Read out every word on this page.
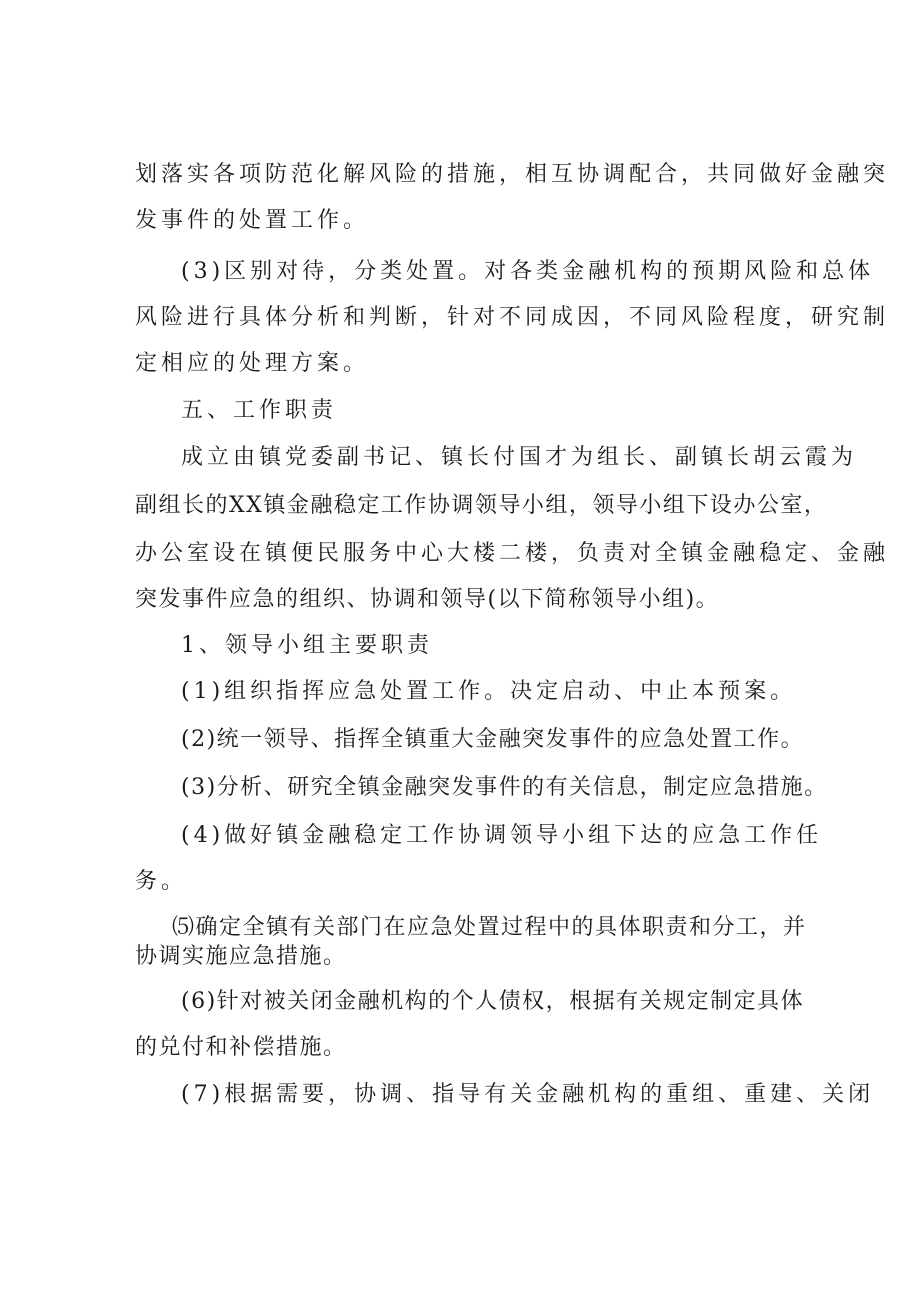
划落实各项防范化解风险的措施，相互协调配合，共同做好金融突
发事件的处置工作。
(3)区别对待，分类处置。对各类金融机构的预期风险和总体
风险进行具体分析和判断，针对不同成因，不同风险程度，研究制
定相应的处理方案。
五、工作职责
成立由镇党委副书记、镇长付国才为组长、副镇长胡云霞为
副组长的XX镇金融稳定工作协调领导小组，领导小组下设办公室，
办公室设在镇便民服务中心大楼二楼，负责对全镇金融稳定、金融
突发事件应急的组织、协调和领导(以下简称领导小组)。
1、领导小组主要职责
(1)组织指挥应急处置工作。决定启动、中止本预案。
(2)统一领导、指挥全镇重大金融突发事件的应急处置工作。
(3)分析、研究全镇金融突发事件的有关信息，制定应急措施。
(4)做好镇金融稳定工作协调领导小组下达的应急工作任
务。
⑸确定全镇有关部门在应急处置过程中的具体职责和分工，并
协调实施应急措施。
(6)针对被关闭金融机构的个人债权，根据有关规定制定具体
的兑付和补偿措施。
(7)根据需要，协调、指导有关金融机构的重组、重建、关闭
